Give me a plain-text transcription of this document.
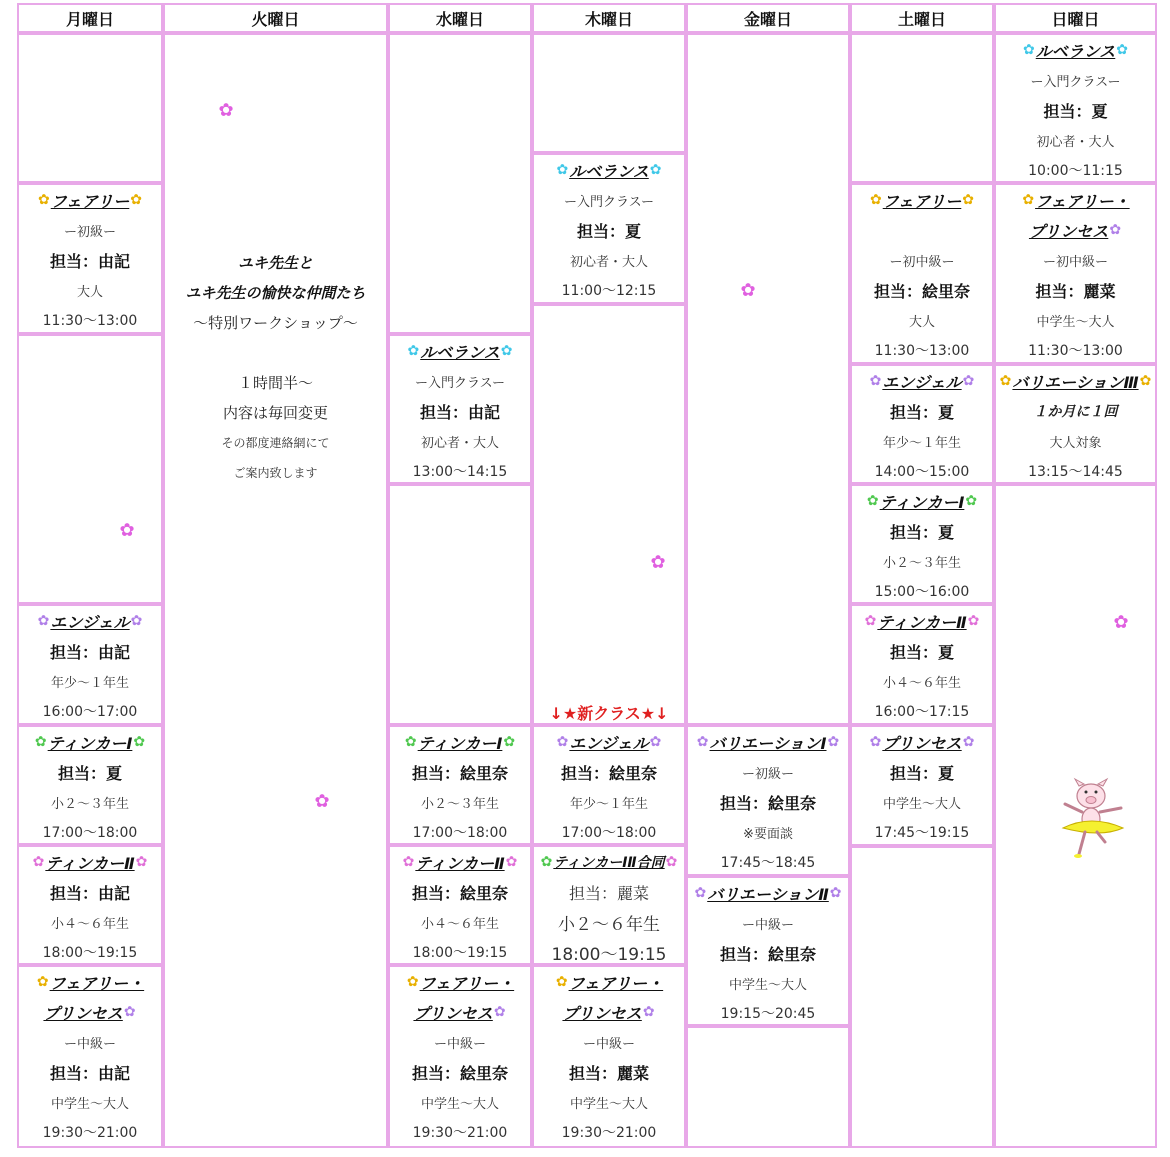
月曜日
✿ フェアリー ✿
ー初級ー
担当：由記
大人
11:30〜13:00
✿
✿ エンジェル ✿
担当：由記
年少〜１年生
16:00〜17:00
✿ ティンカーⅠ ✿
担当：夏
小２〜３年生
17:00〜18:00
✿ ティンカーⅡ ✿
担当：由記
小４〜６年生
18:00〜19:15
✿ フェアリー・
プリンセス ✿
ー中級ー
担当：由記
中学生〜大人
19:30〜21:00
火曜日
✿
ユキ先生と
ユキ先生の愉快な仲間たち
〜特別ワークショップ〜
１時間半〜
内容は毎回変更
その都度連絡網にて
ご案内致します
✿
水曜日
✿ ルベランス ✿
ー入門クラスー
担当：由記
初心者・大人
13:00〜14:15
✿ ティンカーⅠ ✿
担当：絵里奈
小２〜３年生
17:00〜18:00
✿ ティンカーⅡ ✿
担当：絵里奈
小４〜６年生
18:00〜19:15
✿ フェアリー・
プリンセス ✿
ー中級ー
担当：絵里奈
中学生〜大人
19:30〜21:00
木曜日
✿ ルベランス ✿
ー入門クラスー
担当：夏
初心者・大人
11:00〜12:15
✿
↓★新クラス★↓
✿ エンジェル ✿
担当：絵里奈
年少〜１年生
17:00〜18:00
✿ ティンカーⅠⅡ合同 ✿
担当：麗菜
小２〜６年生
18:00〜19:15
✿ フェアリー・
プリンセス ✿
ー中級ー
担当：麗菜
中学生〜大人
19:30〜21:00
金曜日
✿
✿ バリエーションⅠ ✿
ー初級ー
担当：絵里奈
※要面談
17:45〜18:45
✿ バリエーションⅡ ✿
ー中級ー
担当：絵里奈
中学生〜大人
19:15〜20:45
土曜日
✿ フェアリー ✿
ー初中級ー
担当：絵里奈
大人
11:30〜13:00
✿ エンジェル ✿
担当：夏
年少〜１年生
14:00〜15:00
✿ ティンカーⅠ ✿
担当：夏
小２〜３年生
15:00〜16:00
✿ ティンカーⅡ ✿
担当：夏
小４〜６年生
16:00〜17:15
✿ プリンセス ✿
担当：夏
中学生〜大人
17:45〜19:15
日曜日
✿ ルベランス ✿
ー入門クラスー
担当：夏
初心者・大人
10:00〜11:15
✿ フェアリー・
プリンセス ✿
ー初中級ー
担当：麗菜
中学生〜大人
11:30〜13:00
✿ バリエーションⅢ ✿
１か月に１回
大人対象
13:15〜14:45
✿
